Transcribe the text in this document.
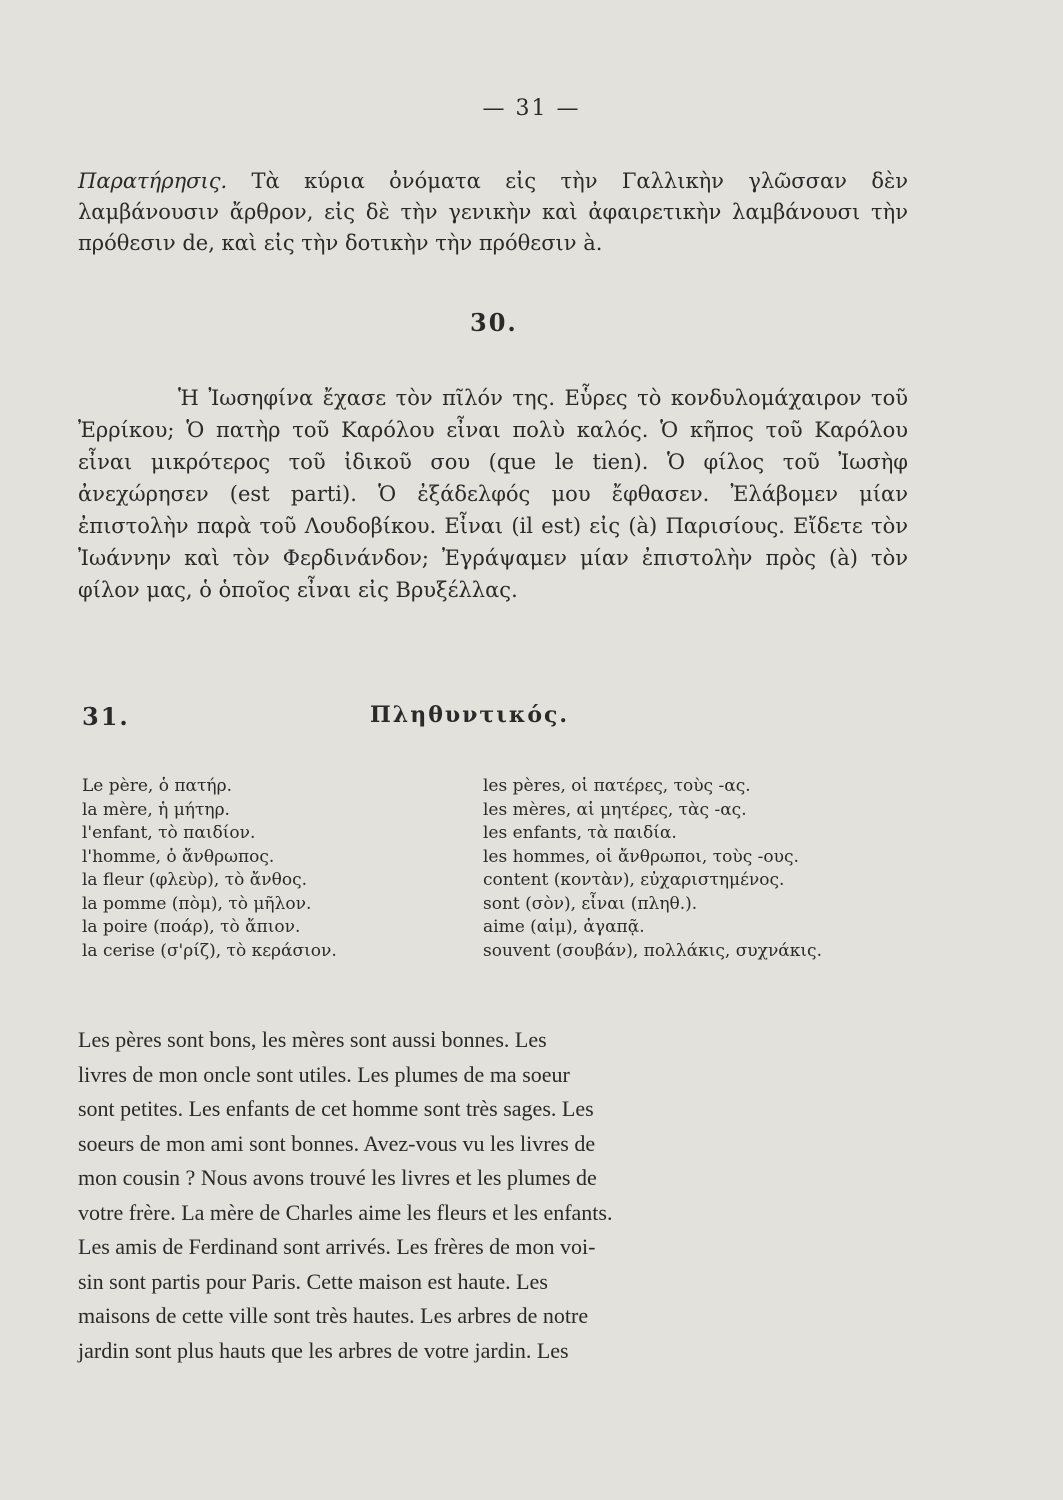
— 31 —

Παρατήρησις. Τὰ κύρια ὀνόματα εἰς τὴν Γαλλικὴν γλῶσσαν δὲν λαμβάνουσιν ἄρθρον, εἰς δὲ τὴν γενικὴν καὶ ἀφαιρετικὴν λαμβάνουσι τὴν πρόθεσιν de, καὶ εἰς τὴν δοτικὴν τὴν πρόθεσιν à.

30.

Ἡ Ἰωσηφίνα ἔχασε τὸν πῖλόν της. Εὗρες τὸ κονδυλομάχαιρον τοῦ Ἐρρίκου; Ὁ πατὴρ τοῦ Καρόλου εἶναι πολὺ καλός. Ὁ κῆπος τοῦ Καρόλου εἶναι μικρότερος τοῦ ἰδικοῦ σου (que le tien). Ὁ φίλος τοῦ Ἰωσὴφ ἀνεχώρησεν (est parti). Ὁ ἐξάδελφός μου ἔφθασεν. Ἐλάβομεν μίαν ἐπιστολὴν παρὰ τοῦ Λουδοβίκου. Εἶναι (il est) εἰς (à) Παρισίους. Εἴδετε τὸν Ἰωάννην καὶ τὸν Φερδινάνδον; Ἐγράψαμεν μίαν ἐπιστολὴν πρὸς (à) τὸν φίλον μας, ὁ ὁποῖος εἶναι εἰς Βρυξέλλας.

31.	Πληθυντικός.
Le père, ὁ πατήρ.
la mère, ἡ μήτηρ.
l'enfant, τὸ παιδίον.
l'homme, ὁ ἄνθρωπος.
la fleur (φλεὺρ), τὸ ἄνθος.
la pomme (πὸμ), τὸ μῆλον.
la poire (ποάρ), τὸ ἄπιον.
la cerise (σ'ρίζ), τὸ κεράσιον.
les pères, οἱ πατέρες, τοὺς -ας.
les mères, αἱ μητέρες, τὰς -ας.
les enfants, τὰ παιδία.
les hommes, οἱ ἄνθρωποι, τοὺς -ους.
content (κοντὰν), εὐχαριστημένος.
sont (σὸν), εἶναι (πληθ.).
aime (αἰμ), ἀγαπᾷ.
souvent (σουβάν), πολλάκις, συχνάκις.
Les pères sont bons, les mères sont aussi bonnes. Les
livres de mon oncle sont utiles. Les plumes de ma soeur
sont petites. Les enfants de cet homme sont très sages. Les
soeurs de mon ami sont bonnes. Avez-vous vu les livres de
mon cousin ? Nous avons trouvé les livres et les plumes de
votre frère. La mère de Charles aime les fleurs et les enfants.
Les amis de Ferdinand sont arrivés. Les frères de mon voi-
sin sont partis pour Paris. Cette maison est haute. Les
maisons de cette ville sont très hautes. Les arbres de notre
jardin sont plus hauts que les arbres de votre jardin. Les
